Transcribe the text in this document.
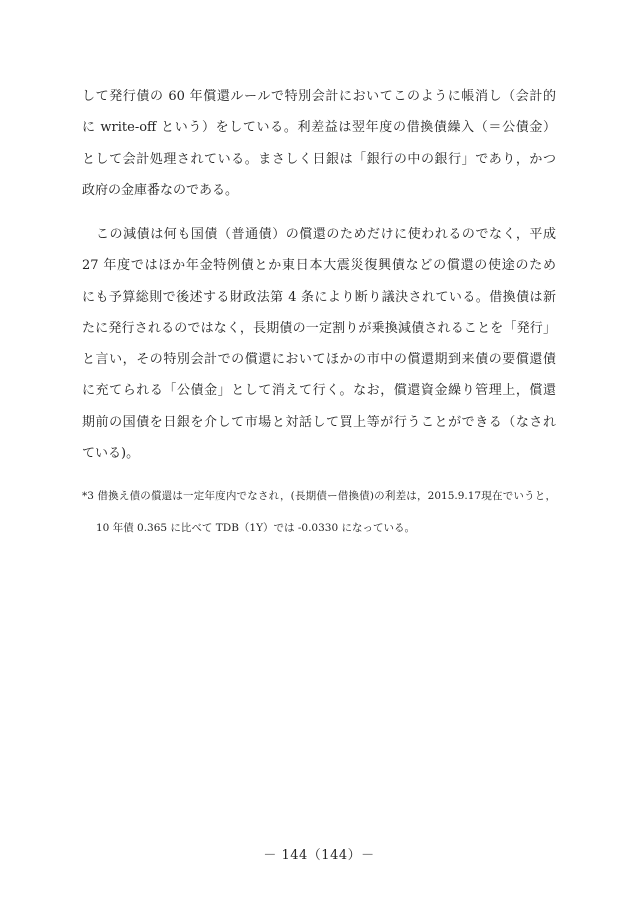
して発行債の 60 年償還ルールで特別会計においてこのように帳消し（会計的
に write-off という）をしている。利差益は翌年度の借換債繰入（＝公債金）
として会計処理されている。まさしく日銀は「銀行の中の銀行」であり，かつ
政府の金庫番なのである。
この減債は何も国債（普通債）の償還のためだけに使われるのでなく，平成
27 年度ではほか年金特例債とか東日本大震災復興債などの償還の使途のため
にも予算総則で後述する財政法第 4 条により断り議決されている。借換債は新
たに発行されるのではなく，長期債の一定割りが乗換減債されることを「発行」
と言い，その特別会計での償還においてほかの市中の償還期到来債の要償還債
に充てられる「公債金」として消えて行く。なお，償還資金繰り管理上，償還
期前の国債を日銀を介して市場と対話して買上等が行うことができる（なされ
ている)。
*3 借換え債の償還は一定年度内でなされ，(長期債ー借換債)の利差は，2015.9.17現在でいうと，
10 年債 0.365 に比べて TDB（1Y）では -0.0330 になっている。
－ 144（144）－
